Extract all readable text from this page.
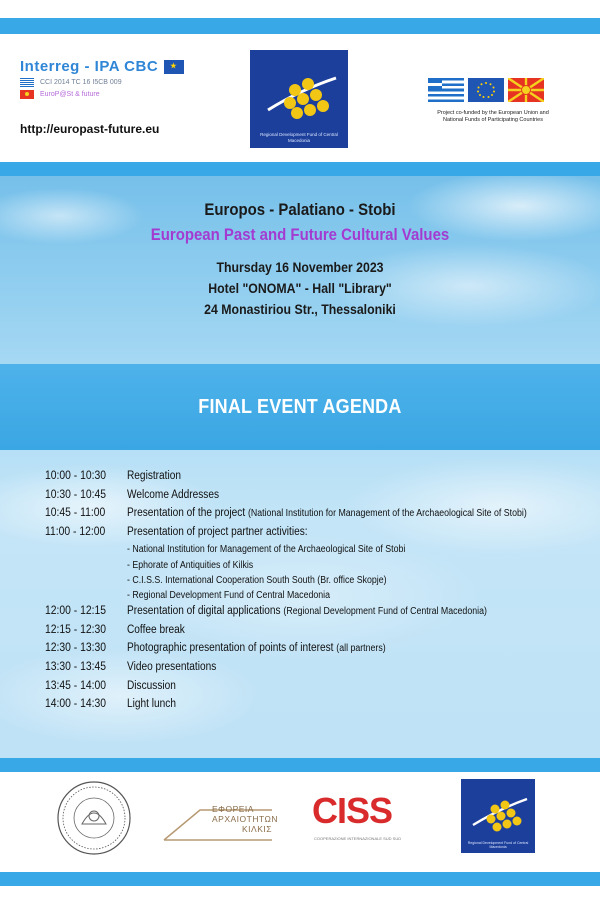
Interreg - IPA CBC
★
CCI 2014 TC 16 I5CB 009
EuroP@St & future
http://europast-future.eu	Regional Development Fund of Central Macedonia
Project co-funded by the European Union and National Funds of Participating Countries
Europos - Palatiano - Stobi
European Past and Future Cultural Values
Thursday 16 November 2023
Hotel "ONOMA" - Hall "Library"
24 Monastiriou Str., Thessaloniki
FINAL EVENT AGENDA
10:00 - 10:30	Registration
10:30 - 10:45	Welcome Addresses
10:45 - 11:00	Presentation of the project (National Institution for Management of the Archaeological Site of Stobi)
11:00 - 12:00	Presentation of project partner activities:
- National Institution for Management of the Archaeological Site of Stobi
- Ephorate of Antiquities of Kilkis
- C.I.S.S. International Cooperation South South (Br. office Skopje)
- Regional Development Fund of Central Macedonia
12:00 - 12:15	Presentation of digital applications (Regional Development Fund of Central Macedonia)
12:15 - 12:30	Coffee break
12:30 - 13:30	Photographic presentation of points of interest (all partners)
13:30 - 13:45	Video presentations
13:45 - 14:00	Discussion
14:00 - 14:30	Light lunch
ΕΦΟΡΕΙΑ
ΑΡΧΑΙΟΤΗΤΩΝ
ΚΙΛΚΙΣ CISS
COOPERAZIONE INTERNAZIONALE SUD SUD
Regional Development Fund of Central Macedonia
